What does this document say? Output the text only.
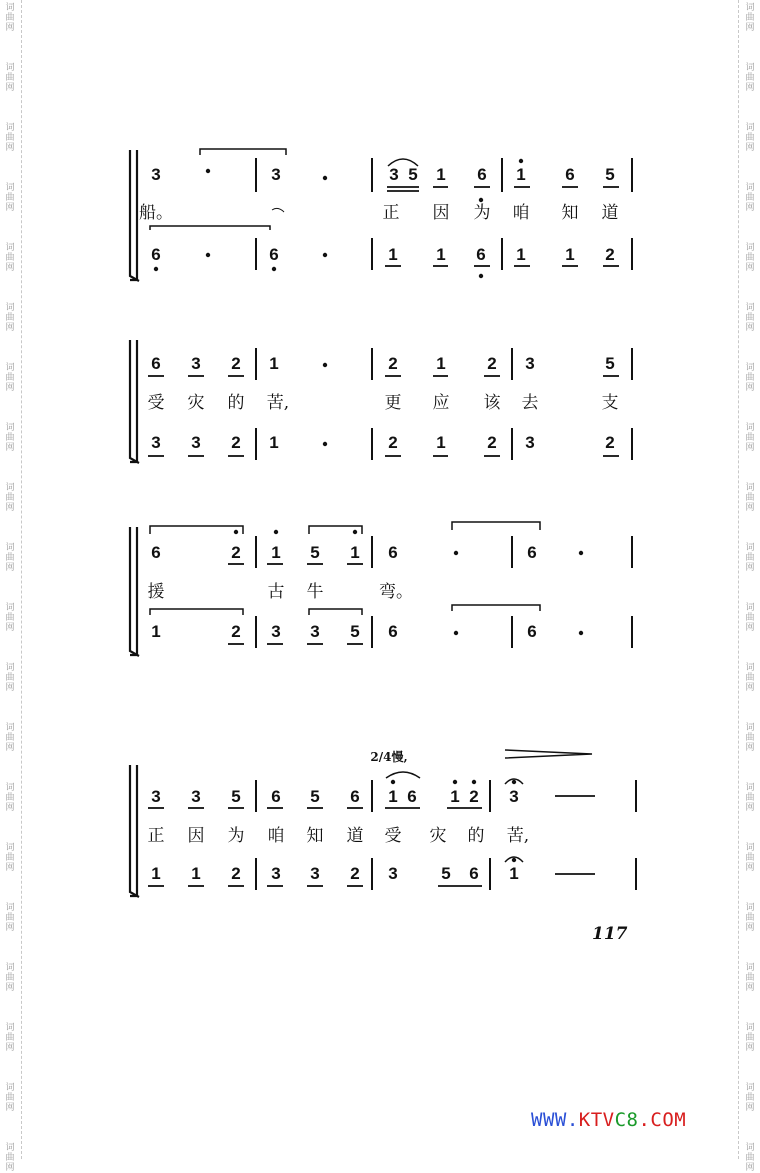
词
曲
网
词
曲
网
词
曲
网
词
曲
网
词
曲
网
词
曲
网
词
曲
网
词
曲
网
词
曲
网
词
曲
网
词
曲
网
词
曲
网
词
曲
网
词
曲
网
词
曲
网
词
曲
网
词
曲
网
词
曲
网
词
曲
网
词
曲
网
词
曲
网
词
曲
网
词
曲
网
词
曲
网
词
曲
网
词
曲
网
词
曲
网
词
曲
网
词
曲
网
词
曲
网
词
曲
网
词
曲
网
词
曲
网
词
曲
网
词
曲
网
词
曲
网
词
曲
网
词
曲
网
词
曲
网
词
曲
网
3	3	3 5 1 6 1 6 5
船。	正 因 为 咱 知 道
6	6	1 1 6 1 1 2
6 3 2 1	2 1 2 3	5
受 灾 的 苦,	更 应 该 去	支
3 3 2 1	2 1 2 3	2
6	2 1 5 1 6	6
援	古 牛	弯。
1	2 3 3 5 6	6
3 3 5 6 5 6 1 6 1 2 3
正 因 为 咱 知 道 受 灾 的 苦,
1 1 2 3 3 2 3	5 6 1
2/4慢,
117
WWW.KTVC8.COM
